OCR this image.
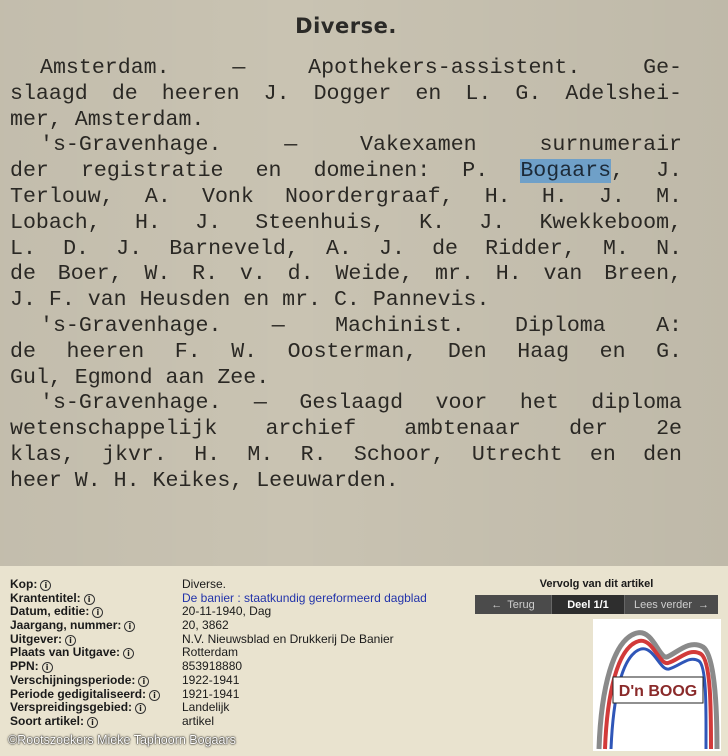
Diverse.

Amsterdam. — Apothekers-assistent. Ge-
slaagd de heeren J. Dogger en L. G. Adelshei-
mer, Amsterdam.

's-Gravenhage. — Vakexamen surnumerair
der registratie en domeinen: P. Bogaars, J.
Terlouw, A. Vonk Noordergraaf, H. H. J. M.
Lobach, H. J. Steenhuis, K. J. Kwekkeboom,
L. D. J. Barneveld, A. J. de Ridder, M. N.
de Boer, W. R. v. d. Weide, mr. H. van Breen,
J. F. van Heusden en mr. C. Pannevis.

's-Gravenhage. — Machinist. Diploma A:
de heeren F. W. Oosterman, Den Haag en G.
Gul, Egmond aan Zee.

's-Gravenhage. — Geslaagd voor het diploma
wetenschappelijk archief ambtenaar der 2e
klas, jkvr. H. M. R. Schoor, Utrecht en den
heer W. H. Keikes, Leeuwarden.

Kop: i	Diverse.
Krantentitel: i	De banier : staatkundig gereformeerd dagblad
Datum, editie: i	20-11-1940, Dag
Jaargang, nummer: i	20, 3862
Uitgever: i	N.V. Nieuwsblad en Drukkerij De Banier
Plaats van Uitgave: i	Rotterdam
PPN: i	853918880
Verschijningsperiode: i	1922-1941
Periode gedigitaliseerd: i	1921-1941
Verspreidingsgebied: i	Landelijk
Soort artikel: i	artikel
Vervolg van dit artikel
← Terug	Deel 1/1	Lees verder →
D'n BOOG
©Rootszoekers Mieke Taphoorn Bogaars
